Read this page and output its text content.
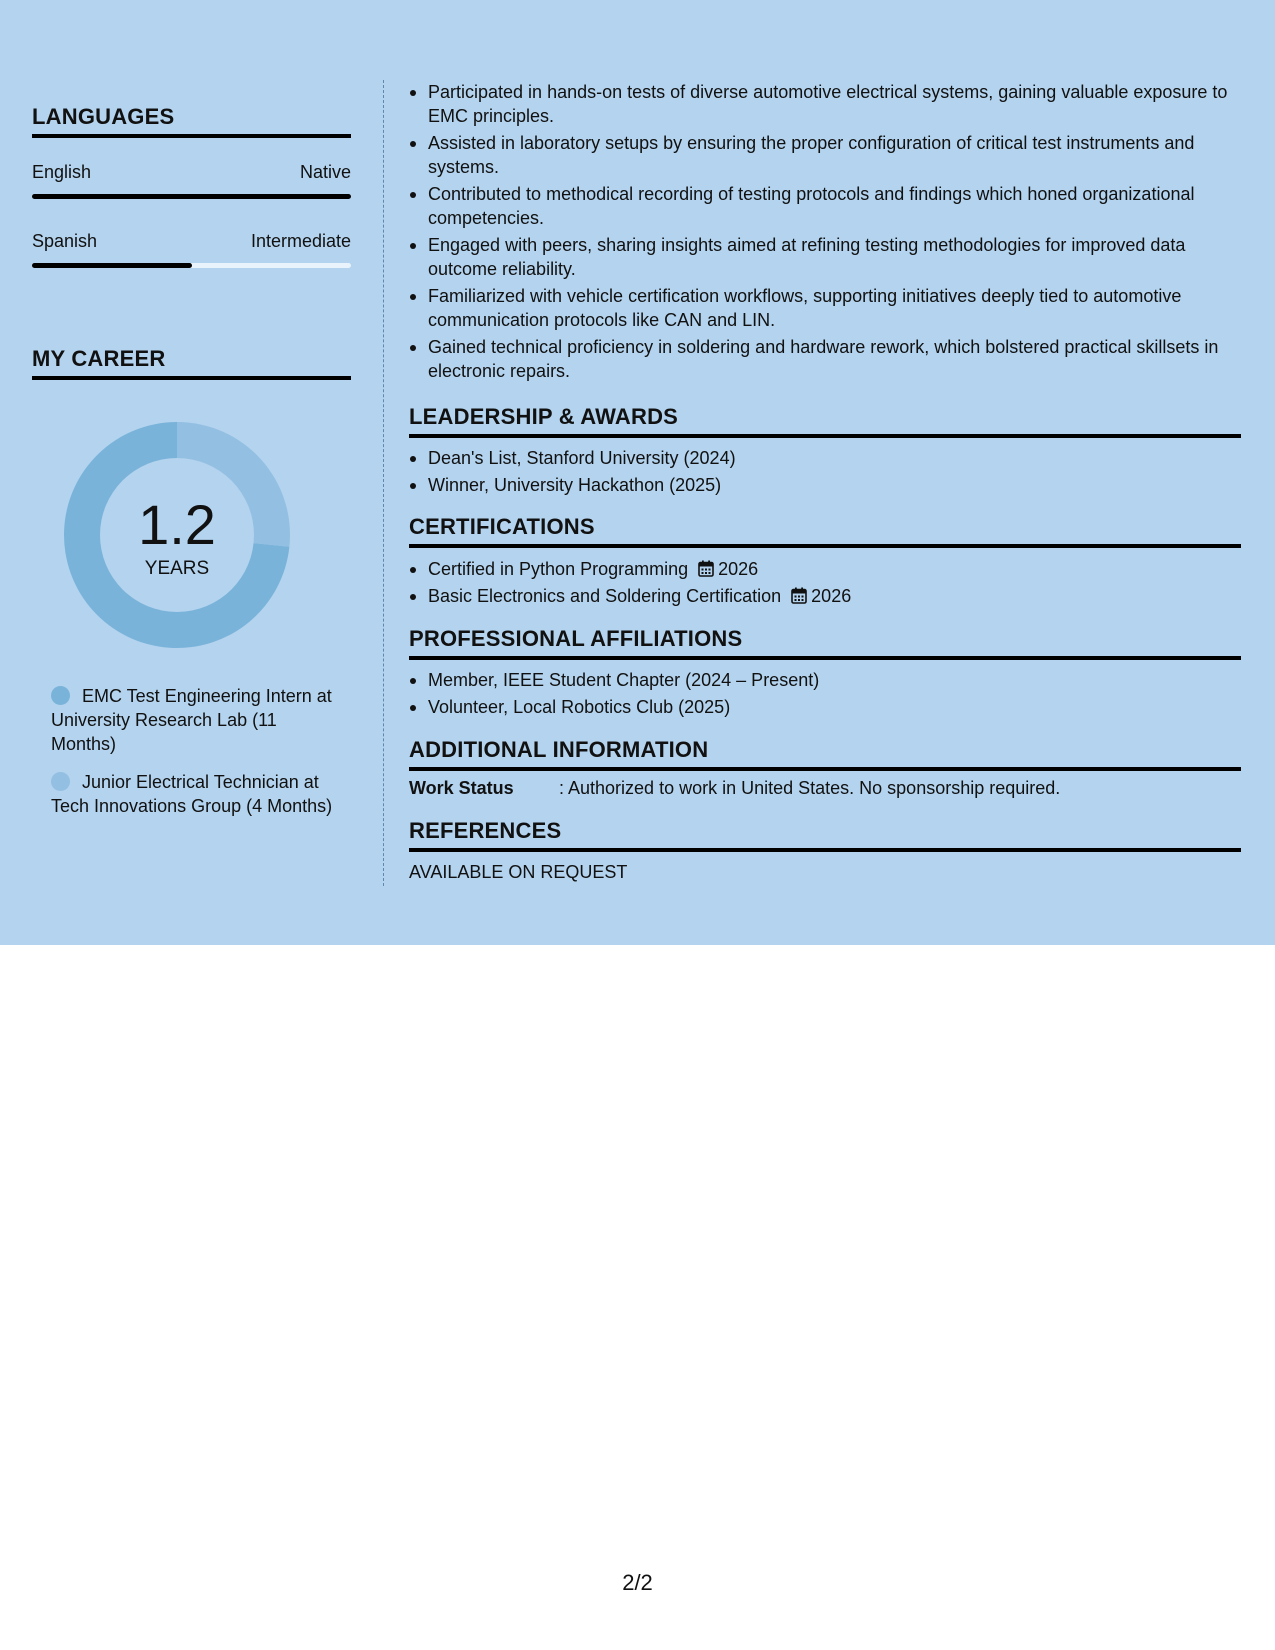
LANGUAGES
English	Native
Spanish	Intermediate
MY CAREER
1.2
YEARS
EMC Test Engineering Intern at University Research Lab (11 Months)
Junior Electrical Technician at Tech Innovations Group (4 Months)
Participated in hands-on tests of diverse automotive electrical systems, gaining valuable exposure to EMC principles.
Assisted in laboratory setups by ensuring the proper configuration of critical test instruments and systems.
Contributed to methodical recording of testing protocols and findings which honed organizational competencies.
Engaged with peers, sharing insights aimed at refining testing methodologies for improved data outcome reliability.
Familiarized with vehicle certification workflows, supporting initiatives deeply tied to automotive communication protocols like CAN and LIN.
Gained technical proficiency in soldering and hardware rework, which bolstered practical skillsets in electronic repairs.
LEADERSHIP & AWARDS
Dean's List, Stanford University (2024)
Winner, University Hackathon (2025)
CERTIFICATIONS
Certified in Python Programming 2026
Basic Electronics and Soldering Certification 2026
PROFESSIONAL AFFILIATIONS
Member, IEEE Student Chapter (2024 – Present)
Volunteer, Local Robotics Club (2025)
ADDITIONAL INFORMATION
Work Status	: Authorized to work in United States. No sponsorship required.
REFERENCES
AVAILABLE ON REQUEST
2/2
